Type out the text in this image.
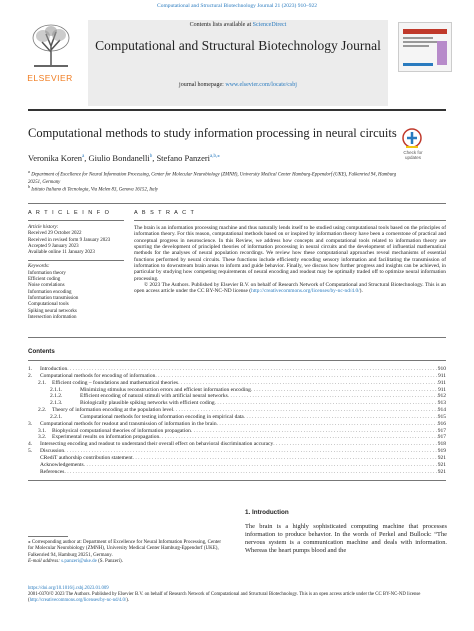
Computational and Structural Biotechnology Journal 21 (2023) 910–922
ELSEVIER
Contents lists available at ScienceDirect
Computational and Structural Biotechnology Journal
journal homepage: www.elsevier.com/locate/csbj
Computational methods to study information processing in neural circuits
Check for updates
Veronika Koren$^a$, Giulio Bondanelli$^b$, Stefano Panzeri$^{a,b,⁎}$
$^a$ Department of Excellence for Neural Information Processing, Center for Molecular Neurobiology (ZMNH), University Medical Center Hamburg-Eppendorf (UKE), Falkenried 94, Hamburg 20251, Germany
$^b$ Istituto Italiano di Tecnologia, Via Melen 83, Genova 16152, Italy
A R T I C L E I N F O	A B S T R A C T
Article history:
Received 29 October 2022
Received in revised form 9 January 2023
Accepted 9 January 2023
Available online 11 January 2023
Keywords:
Information theory
Efficient coding
Noise correlations
Information encoding
Information transmission
Computational tools
Spiking neural networks
Intersection information
The brain is an information processing machine and thus naturally lends itself to be studied using computational tools based on the principles of information theory. For this reason, computational methods based on or inspired by information theory have been a cornerstone of practical and conceptual progress in neuroscience. In this Review, we address how concepts and computational tools related to information theory are spurring the development of principled theories of information processing in neural circuits and the development of influential mathematical methods for the analyses of neural population recordings. We review how these computational approaches reveal mechanisms of essential functions performed by neural circuits. These functions include efficiently encoding sensory information and facilitating the transmission of information to downstream brain areas to inform and guide behavior. Finally, we discuss how further progress and insights can be achieved, in particular by studying how competing requirements of neural encoding and readout may be optimally traded off to optimize neural information processing.

© 2023 The Authors. Published by Elsevier B.V. on behalf of Research Network of Computational and Structural Biotechnology. This is an open access article under the CC BY-NC-ND license (http://creativecommons.org/licenses/by-nc-nd/4.0/).
Contents
1.	Introduction . . .	910
2.	Computational methods for encoding of information . . .	911
2.1.	Efficient coding – foundations and mathematical theories . . .	911
2.1.1.	Minimizing stimulus reconstruction errors and efficient information encoding . . .	911
2.1.2.	Efficient encoding of natural stimuli with artificial neural networks . . .	912
2.1.3.	Biologically plausible spiking networks with efficient coding . . .	913
2.2.	Theory of information encoding at the population level . . .	914
2.2.1.	Computational methods for testing information encoding in empirical data . . .	915
3.	Computational methods for readout and transmission of information in the brain . . .	916
3.1.	Biophysical computational theories of information propagation . . .	917
3.2.	Experimental results on information propagation . . .	917
4.	Intersecting encoding and readout to understand their overall effect on behavioral discrimination accuracy . . .	918
5.	Discussion . . .	919
CRediT authorship contribution statement . . .	921
Acknowledgements . . .	921
References . . .	921
1. Introduction
The brain is a highly sophisticated computing machine that processes information to produce behavior. In the words of Perkel and Bullock: “The nervous system is a communication machine and deals with information. Whereas the heart pumps blood and the
⁎ Corresponding author at: Department of Excellence for Neural Information Processing, Center for Molecular Neurobiology (ZMNH), University Medical Center Hamburg-Eppendorf (UKE), Falkenried 94, Hamburg 20251, Germany.
E-mail address: s.panzeri@uke.de (S. Panzeri).
https://doi.org/10.1016/j.csbj.2023.01.009
2001-0370/© 2023 The Authors. Published by Elsevier B.V. on behalf of Research Network of Computational and Structural Biotechnology. This is an open access article under the CC BY-NC-ND license (http://creativecommons.org/licenses/by-nc-nd/4.0/).
